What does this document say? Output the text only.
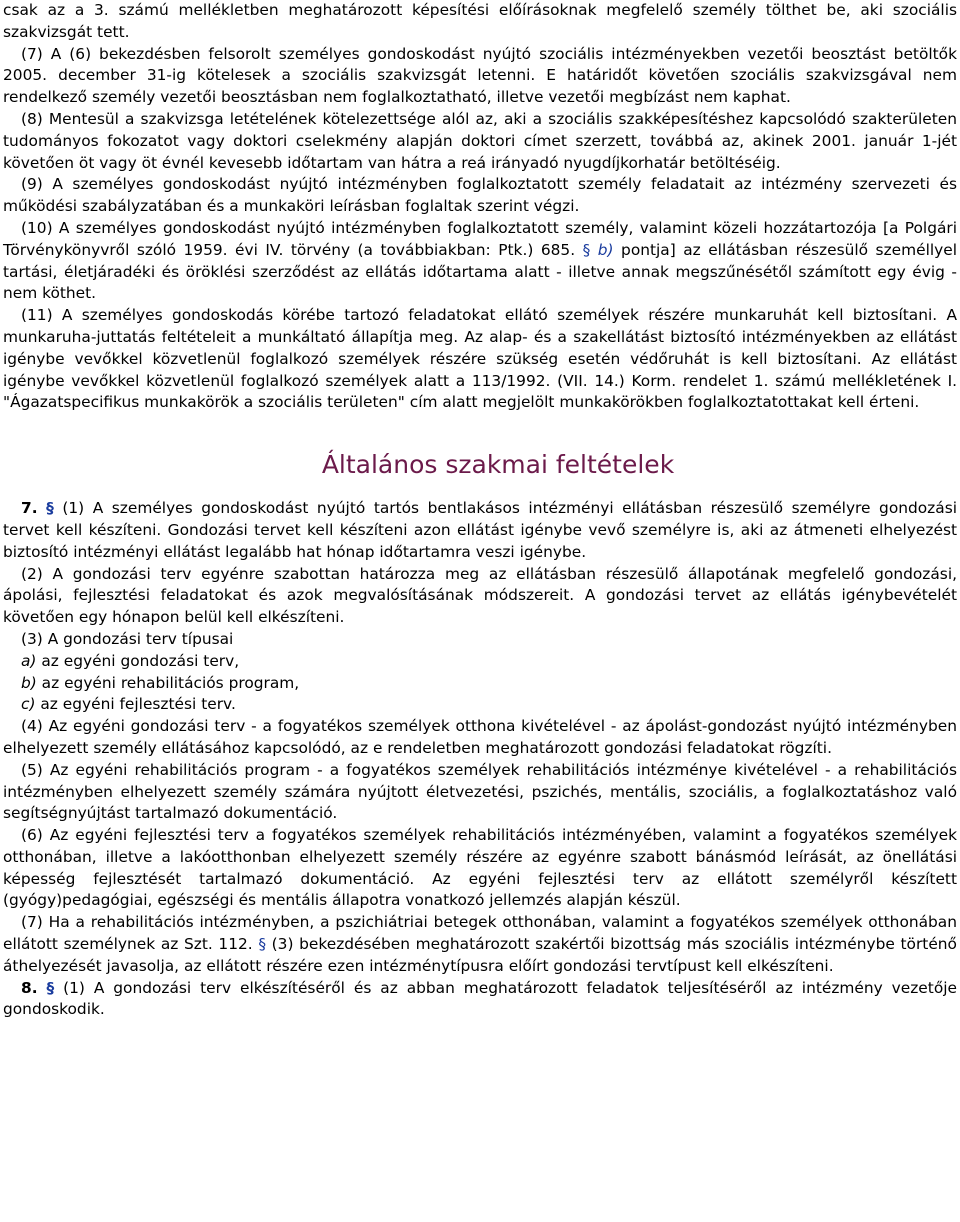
csak az a 3. számú mellékletben meghatározott képesítési előírásoknak megfelelő személy tölthet be, aki szociális szakvizsgát tett.

(7) A (6) bekezdésben felsorolt személyes gondoskodást nyújtó szociális intézményekben vezetői beosztást betöltők 2005. december 31-ig kötelesek a szociális szakvizsgát letenni. E határidőt követően szociális szakvizsgával nem rendelkező személy vezetői beosztásban nem foglalkoztatható, illetve vezetői megbízást nem kaphat.

(8) Mentesül a szakvizsga letételének kötelezettsége alól az, aki a szociális szakképesítéshez kapcsolódó szakterületen tudományos fokozatot vagy doktori cselekmény alapján doktori címet szerzett, továbbá az, akinek 2001. január 1-jét követően öt vagy öt évnél kevesebb időtartam van hátra a reá irányadó nyugdíjkorhatár betöltéséig.

(9) A személyes gondoskodást nyújtó intézményben foglalkoztatott személy feladatait az intézmény szervezeti és működési szabályzatában és a munkaköri leírásban foglaltak szerint végzi.

(10) A személyes gondoskodást nyújtó intézményben foglalkoztatott személy, valamint közeli hozzátartozója [a Polgári Törvénykönyvről szóló 1959. évi IV. törvény (a továbbiakban: Ptk.) 685. § b) pontja] az ellátásban részesülő személlyel tartási, életjáradéki és öröklési szerződést az ellátás időtartama alatt - illetve annak megszűnésétől számított egy évig - nem köthet.

(11) A személyes gondoskodás körébe tartozó feladatokat ellátó személyek részére munkaruhát kell biztosítani. A munkaruha-juttatás feltételeit a munkáltató állapítja meg. Az alap- és a szakellátást biztosító intézményekben az ellátást igénybe vevőkkel közvetlenül foglalkozó személyek részére szükség esetén védőruhát is kell biztosítani. Az ellátást igénybe vevőkkel közvetlenül foglalkozó személyek alatt a 113/1992. (VII. 14.) Korm. rendelet 1. számú mellékletének I. "Ágazatspecifikus munkakörök a szociális területen" cím alatt megjelölt munkakörökben foglalkoztatottakat kell érteni.

Általános szakmai feltételek

7. § (1) A személyes gondoskodást nyújtó tartós bentlakásos intézményi ellátásban részesülő személyre gondozási tervet kell készíteni. Gondozási tervet kell készíteni azon ellátást igénybe vevő személyre is, aki az átmeneti elhelyezést biztosító intézményi ellátást legalább hat hónap időtartamra veszi igénybe.

(2) A gondozási terv egyénre szabottan határozza meg az ellátásban részesülő állapotának megfelelő gondozási, ápolási, fejlesztési feladatokat és azok megvalósításának módszereit. A gondozási tervet az ellátás igénybevételét követően egy hónapon belül kell elkészíteni.

(3) A gondozási terv típusai

a) az egyéni gondozási terv,

b) az egyéni rehabilitációs program,

c) az egyéni fejlesztési terv.

(4) Az egyéni gondozási terv - a fogyatékos személyek otthona kivételével - az ápolást-gondozást nyújtó intézményben elhelyezett személy ellátásához kapcsolódó, az e rendeletben meghatározott gondozási feladatokat rögzíti.

(5) Az egyéni rehabilitációs program - a fogyatékos személyek rehabilitációs intézménye kivételével - a rehabilitációs intézményben elhelyezett személy számára nyújtott életvezetési, pszichés, mentális, szociális, a foglalkoztatáshoz való segítségnyújtást tartalmazó dokumentáció.

(6) Az egyéni fejlesztési terv a fogyatékos személyek rehabilitációs intézményében, valamint a fogyatékos személyek otthonában, illetve a lakóotthonban elhelyezett személy részére az egyénre szabott bánásmód leírását, az önellátási képesség fejlesztését tartalmazó dokumentáció. Az egyéni fejlesztési terv az ellátott személyről készített (gyógy)pedagógiai, egészségi és mentális állapotra vonatkozó jellemzés alapján készül.

(7) Ha a rehabilitációs intézményben, a pszichiátriai betegek otthonában, valamint a fogyatékos személyek otthonában ellátott személynek az Szt. 112. § (3) bekezdésében meghatározott szakértői bizottság más szociális intézménybe történő áthelyezését javasolja, az ellátott részére ezen intézménytípusra előírt gondozási tervtípust kell elkészíteni.

8. § (1) A gondozási terv elkészítéséről és az abban meghatározott feladatok teljesítéséről az intézmény vezetője gondoskodik.
